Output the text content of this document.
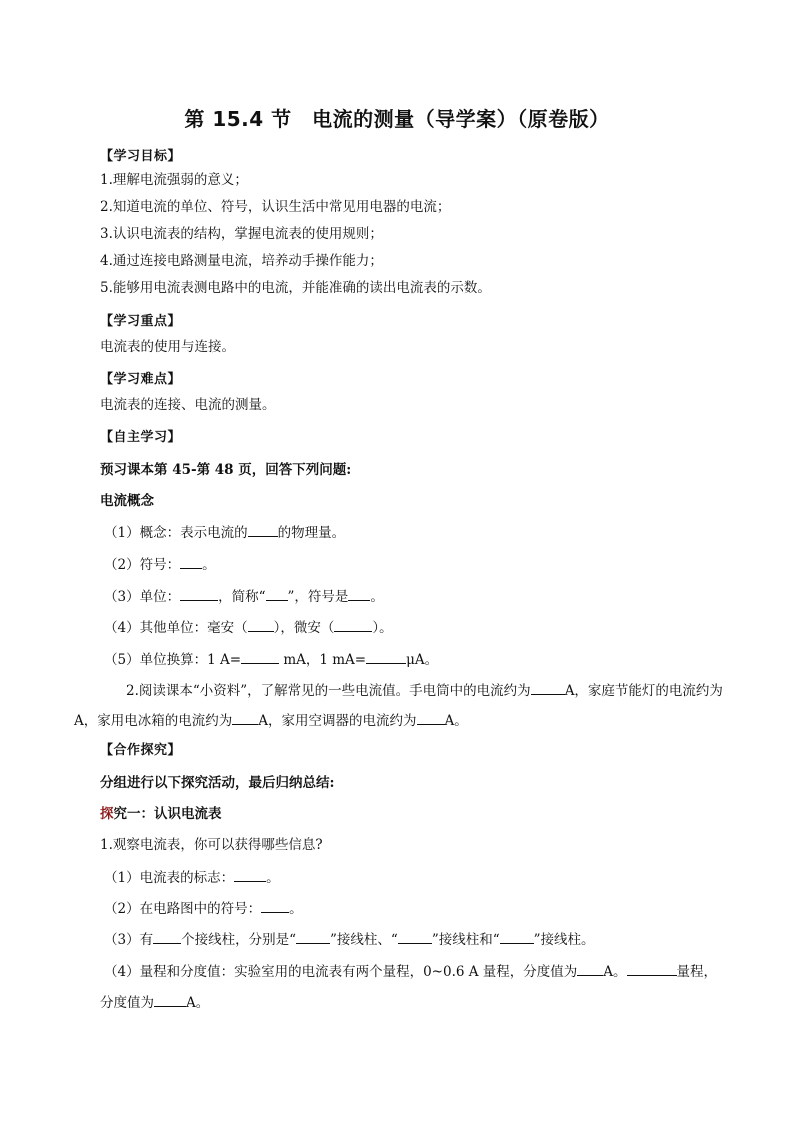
第 15.4 节　电流的测量（导学案）（原卷版）
【学习目标】
1.理解电流强弱的意义；
2.知道电流的单位、符号，认识生活中常见用电器的电流；
3.认识电流表的结构，掌握电流表的使用规则；
4.通过连接电路测量电流，培养动手操作能力；
5.能够用电流表测电路中的电流，并能准确的读出电流表的示数。
【学习重点】
电流表的使用与连接。
【学习难点】
电流表的连接、电流的测量。
【自主学习】
预习课本第 45-第 48 页，回答下列问题:
电流概念
（1）概念：表示电流的 的物理量。
（2）符号： 。
（3）单位：	，简称“ ”，符号是 。
（4）其他单位：毫安（ ），微安（	）。
（5）单位换算：1 A=	mA，1 mA=	μA。
2.阅读课本“小资料”，了解常见的一些电流值。手电筒中的电流约为	A，家庭节能灯的电流约为
A，家用电冰箱的电流约为 A，家用空调器的电流约为 A。
【合作探究】
分组进行以下探究活动，最后归纳总结:
探究一：认识电流表
1.观察电流表，你可以获得哪些信息?
（1）电流表的标志： 。
（2）在电路图中的符号： 。
（3）有 个接线柱，分别是“	”接线柱、“	”接线柱和“	”接线柱。
（4）量程和分度值：实验室用的电流表有两个量程，0~0.6 A 量程，分度值为 A。	量程，
分度值为 A。
